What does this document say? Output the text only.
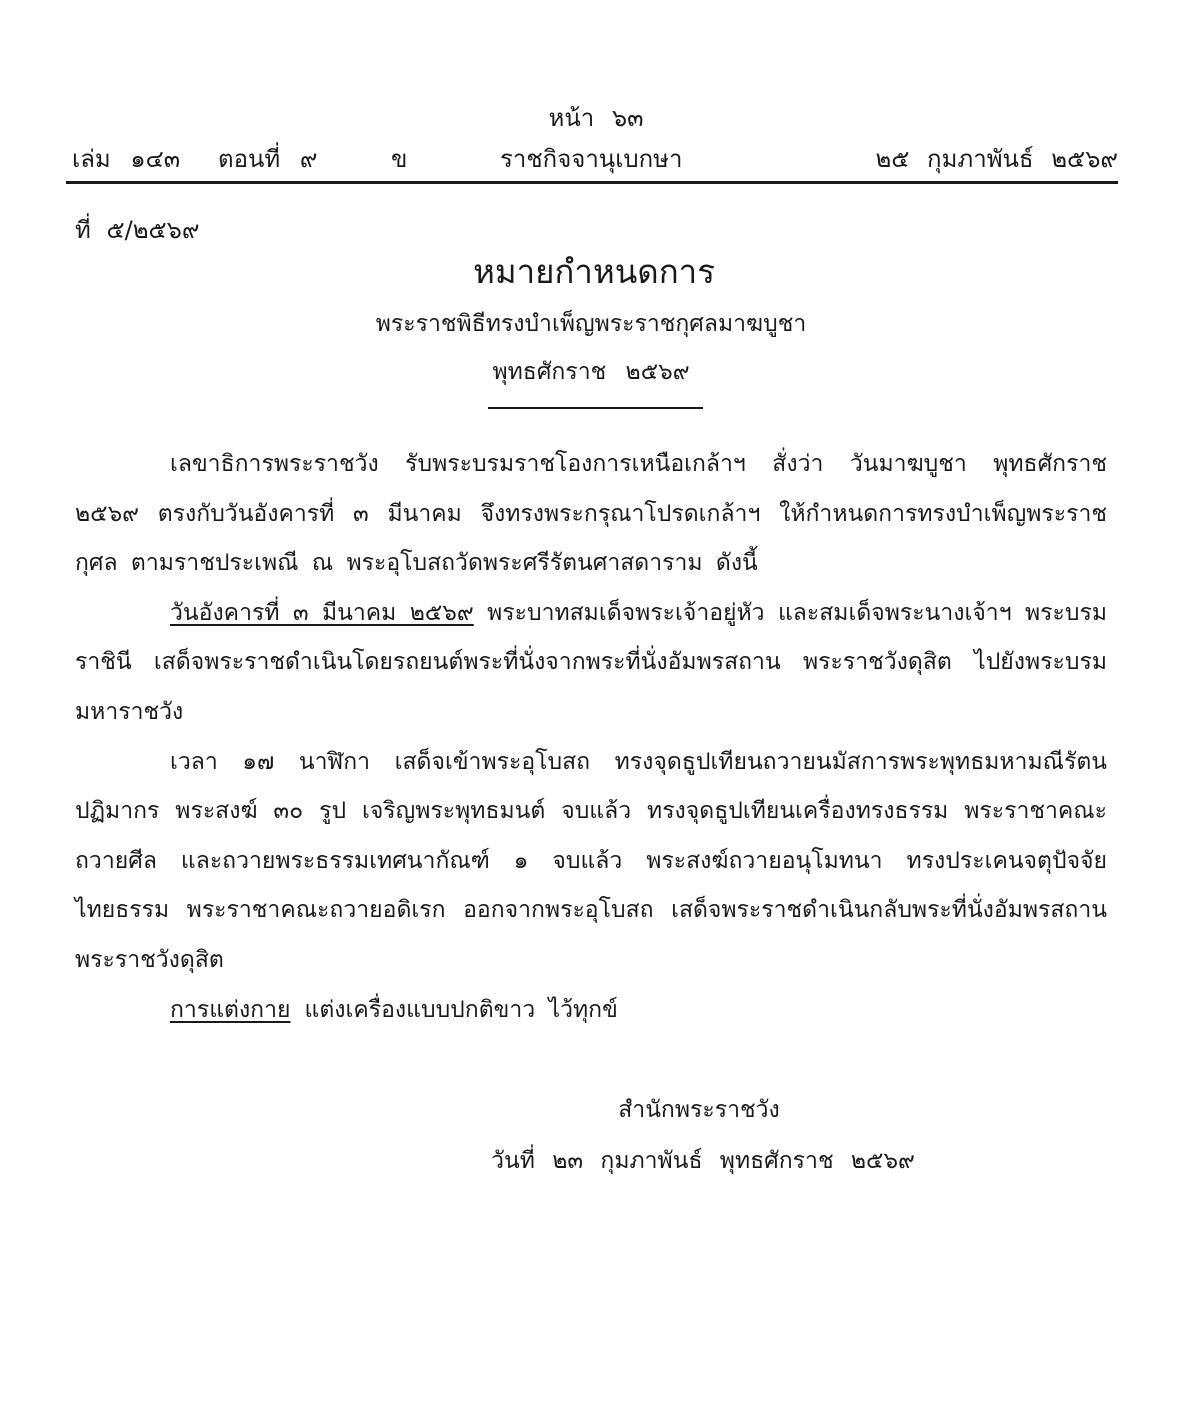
หน้า ๖๓
เล่ม ๑๔๓ ตอนที่ ๙	ข	ราชกิจจานุเบกษา	๒๕ กุมภาพันธ์ ๒๕๖๙
ที่ ๕/๒๕๖๙
หมายกำหนดการ
พระราชพิธีทรงบำเพ็ญพระราชกุศลมาฆบูชา
พุทธศักราช ๒๕๖๙

เลขาธิการพระราชวัง รับพระบรมราชโองการเหนือเกล้าฯ สั่งว่า วันมาฆบูชา พุทธศักราช ๒๕๖๙ ตรงกับวันอังคารที่ ๓ มีนาคม จึงทรงพระกรุณาโปรดเกล้าฯ ให้กำหนดการทรงบำเพ็ญพระราชกุศล ตามราชประเพณี ณ พระอุโบสถวัดพระศรีรัตนศาสดาราม ดังนี้

วันอังคารที่ ๓ มีนาคม ๒๕๖๙ พระบาทสมเด็จพระเจ้าอยู่หัว และสมเด็จพระนางเจ้าฯ พระบรมราชินี เสด็จพระราชดำเนินโดยรถยนต์พระที่นั่งจากพระที่นั่งอัมพรสถาน พระราชวังดุสิต ไปยังพระบรมมหาราชวัง

เวลา ๑๗ นาฬิกา เสด็จเข้าพระอุโบสถ ทรงจุดธูปเทียนถวายนมัสการพระพุทธมหามณีรัตนปฏิมากร พระสงฆ์ ๓๐ รูป เจริญพระพุทธมนต์ จบแล้ว ทรงจุดธูปเทียนเครื่องทรงธรรม พระราชาคณะถวายศีล และถวายพระธรรมเทศนากัณฑ์ ๑ จบแล้ว พระสงฆ์ถวายอนุโมทนา ทรงประเคนจตุปัจจัยไทยธรรม พระราชาคณะถวายอดิเรก ออกจากพระอุโบสถ เสด็จพระราชดำเนินกลับพระที่นั่งอัมพรสถาน พระราชวังดุสิต

การแต่งกาย แต่งเครื่องแบบปกติขาว ไว้ทุกข์

สำนักพระราชวัง
วันที่ ๒๓ กุมภาพันธ์ พุทธศักราช ๒๕๖๙
